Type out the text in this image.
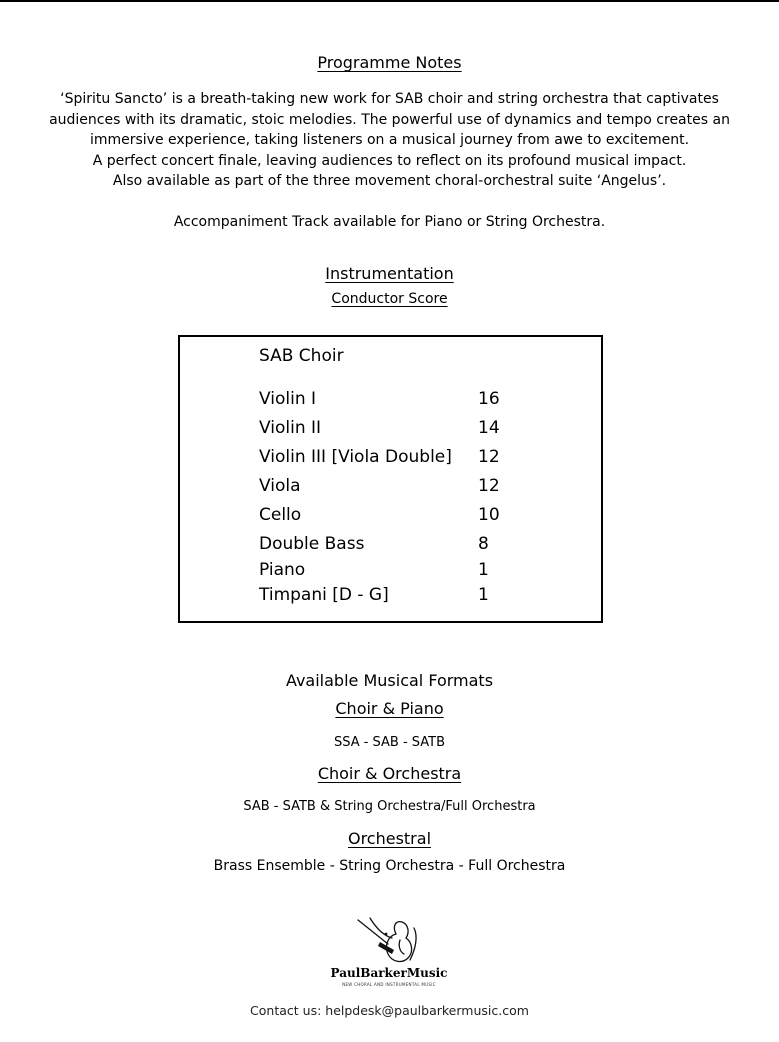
Programme Notes
‘Spiritu Sancto’ is a breath-taking new work for SAB choir and string orchestra that captivates
audiences with its dramatic, stoic melodies. The powerful use of dynamics and tempo creates an
immersive experience, taking listeners on a musical journey from awe to excitement.
A perfect concert finale, leaving audiences to reflect on its profound musical impact.
Also available as part of the three movement choral-orchestral suite ‘Angelus’.
Accompaniment Track available for Piano or String Orchestra.
Instrumentation
Conductor Score
SAB Choir
Violin I	16
Violin II	14
Violin III [Viola Double] 12
Viola	12
Cello	10
Double Bass	8
Piano	1
Timpani [D - G]	1
Available Musical Formats
Choir & Piano
SSA - SAB - SATB
Choir & Orchestra
SAB - SATB & String Orchestra/Full Orchestra
Orchestral
Brass Ensemble - String Orchestra - Full Orchestra
PaulBarkerMusic
NEW CHORAL AND INSTRUMENTAL MUSIC
Contact us: helpdesk@paulbarkermusic.com
